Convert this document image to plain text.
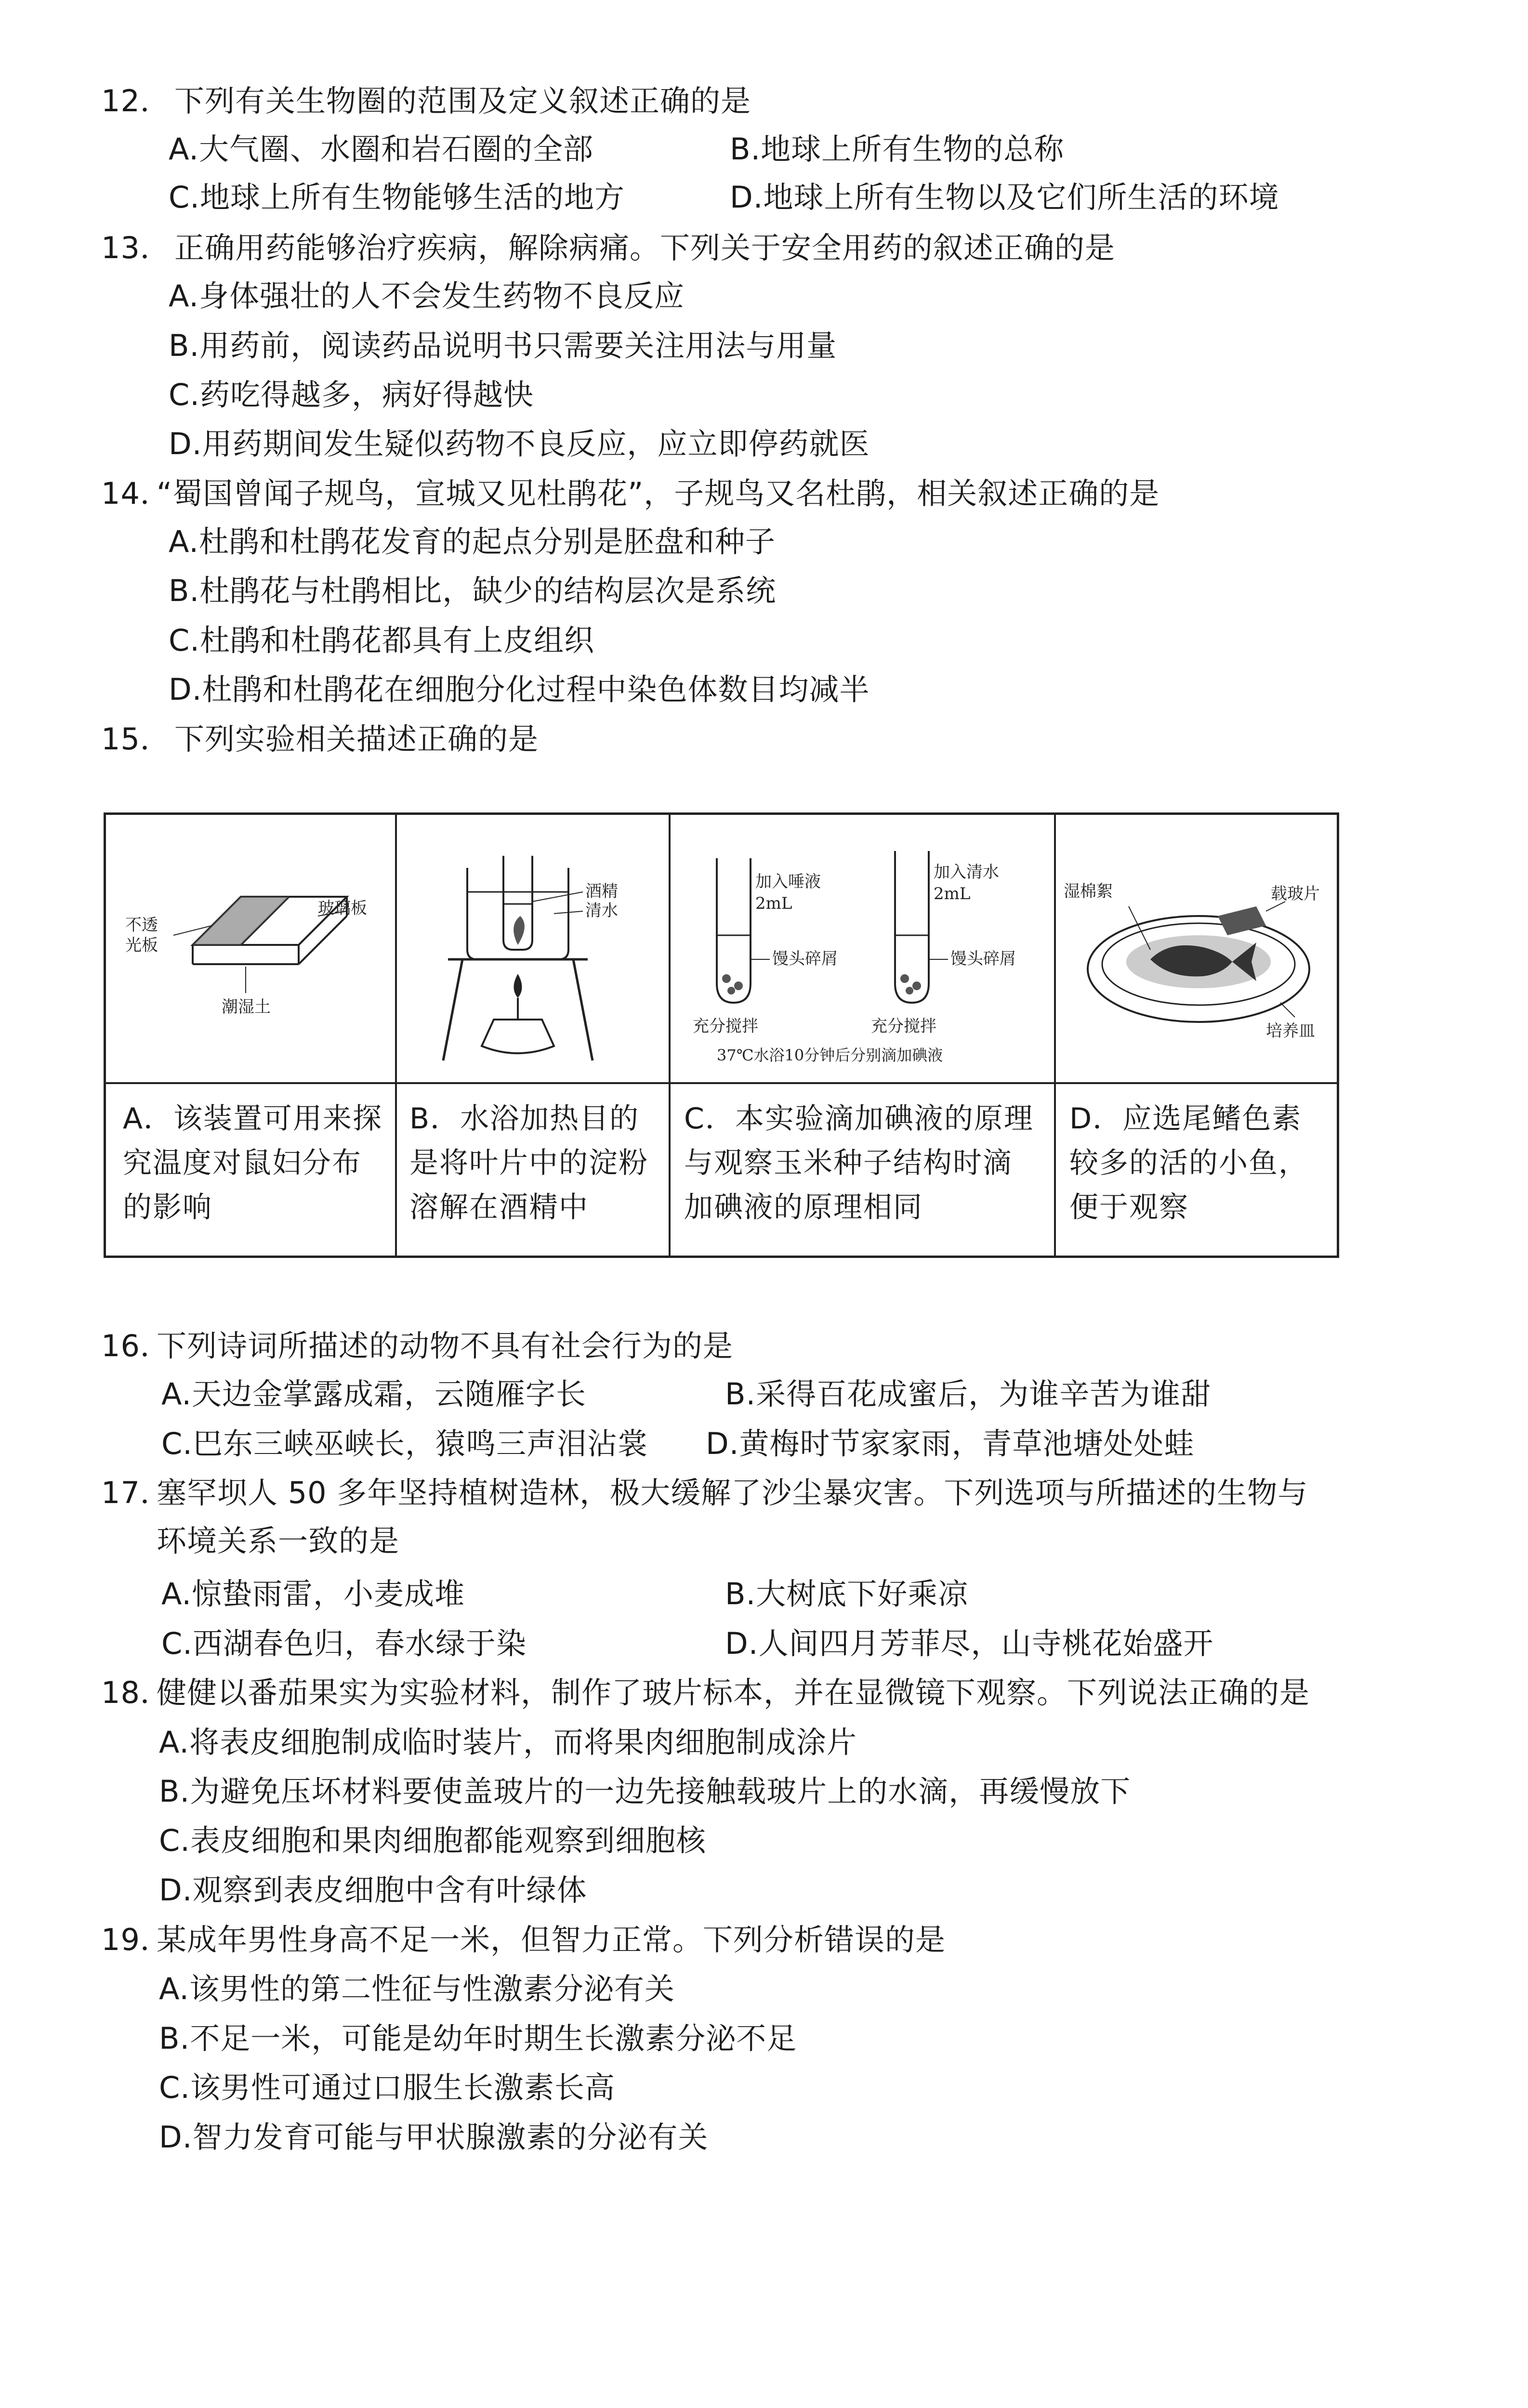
12． 下列有关生物圈的范围及定义叙述正确的是
A.大气圈、水圈和岩石圈的全部	B.地球上所有生物的总称
C.地球上所有生物能够生活的地方	D.地球上所有生物以及它们所生活的环境
13． 正确用药能够治疗疾病，解除病痛。下列关于安全用药的叙述正确的是
A.身体强壮的人不会发生药物不良反应
B.用药前，阅读药品说明书只需要关注用法与用量
C.药吃得越多，病好得越快
D.用药期间发生疑似药物不良反应，应立即停药就医
14．
“蜀国曾闻子规鸟，宣城又见杜鹃花”，子规鸟又名杜鹃，相关叙述正确的是
A.杜鹃和杜鹃花发育的起点分别是胚盘和种子
B.杜鹃花与杜鹃相比，缺少的结构层次是系统
C.杜鹃和杜鹃花都具有上皮组织
D.杜鹃和杜鹃花在细胞分化过程中染色体数目均减半
15． 下列实验相关描述正确的是
不透
光板
玻璃板
潮湿土
酒精
清水
加入唾液
2mL
馒头碎屑
充分搅拌
加入清水
2mL
馒头碎屑
充分搅拌
37℃水浴10分钟后分别滴加碘液
湿棉絮	载玻片
培养皿
A．该装置可用来探究温度对鼠妇分布的影响
B．水浴加热目的是将叶片中的淀粉溶解在酒精中
C．本实验滴加碘液的原理与观察玉米种子结构时滴加碘液的原理相同
D．应选尾鳍色素较多的活的小鱼，便于观察
16．
下列诗词所描述的动物不具有社会行为的是
A.天边金掌露成霜，云随雁字长	B.采得百花成蜜后，为谁辛苦为谁甜
C.巴东三峡巫峡长，猿鸣三声泪沾裳 D.黄梅时节家家雨，青草池塘处处蛙
17．
塞罕坝人 50 多年坚持植树造林，极大缓解了沙尘暴灾害。下列选项与所描述的生物与
环境关系一致的是
A.惊蛰雨雷，小麦成堆	B.大树底下好乘凉
C.西湖春色归，春水绿于染	D.人间四月芳菲尽，山寺桃花始盛开
18．
健健以番茄果实为实验材料，制作了玻片标本，并在显微镜下观察。下列说法正确的是
A.将表皮细胞制成临时装片，而将果肉细胞制成涂片
B.为避免压坏材料要使盖玻片的一边先接触载玻片上的水滴，再缓慢放下
C.表皮细胞和果肉细胞都能观察到细胞核
D.观察到表皮细胞中含有叶绿体
19．
某成年男性身高不足一米，但智力正常。下列分析错误的是
A.该男性的第二性征与性激素分泌有关
B.不足一米，可能是幼年时期生长激素分泌不足
C.该男性可通过口服生长激素长高
D.智力发育可能与甲状腺激素的分泌有关
